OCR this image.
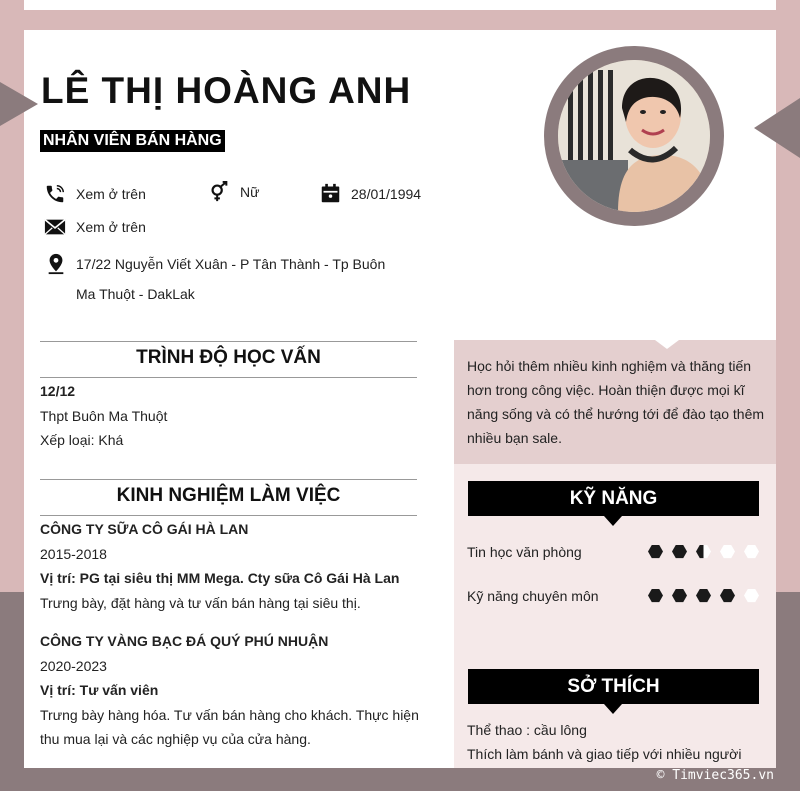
LÊ THỊ HOÀNG ANH
NHÂN VIÊN BÁN HÀNG
Xem ở trên	Nữ	28/01/1994
Xem ở trên
17/22 Nguyễn Viết Xuân - P Tân Thành - Tp Buôn
Ma Thuột - DakLak
TRÌNH ĐỘ HỌC VẤN
12/12
Thpt Buôn Ma Thuột
Xếp loại: Khá
KINH NGHIỆM LÀM VIỆC
CÔNG TY SỮA CÔ GÁI HÀ LAN
2015-2018
Vị trí: PG tại siêu thị MM Mega. Cty sữa Cô Gái Hà Lan
Trưng bày, đặt hàng và tư vấn bán hàng tại siêu thị.
CÔNG TY VÀNG BẠC ĐÁ QUÝ PHÚ NHUẬN
2020-2023
Vị trí: Tư vấn viên
Trưng bày hàng hóa. Tư vấn bán hàng cho khách. Thực hiện
thu mua lại và các nghiệp vụ của cửa hàng.
Học hỏi thêm nhiều kinh nghiệm và thăng tiến
hơn trong công việc. Hoàn thiện được mọi kĩ
năng sống và có thể hướng tới để đào tạo thêm
nhiều bạn sale.
KỸ NĂNG
Tin học văn phòng
Kỹ năng chuyên môn
SỞ THÍCH
Thể thao : cầu lông
Thích làm bánh và giao tiếp với nhiều người
© Timviec365.vn
